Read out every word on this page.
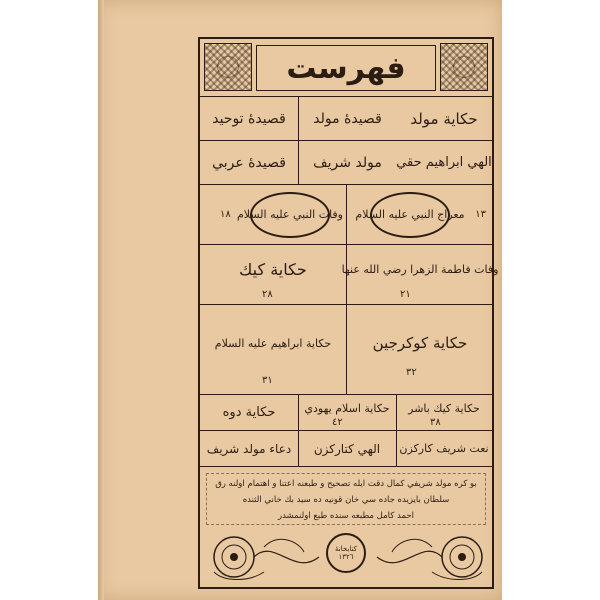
فهرست
حكاية مولد
قصيدهٔ مولد
قصيدهٔ توحيد
الهي ابراهيم حقي
مولد شريف
قصيدهٔ عربي
معراج النبي عليه السلام ١٣
وفات النبي عليه السلام
١٨
وفات فاطمة الزهرا رضي الله عنها
٢١
حكاية كيك
٢٨
حكاية كوكرجين
٣٢
حكاية ابراهيم عليه السلام
٣١
حكاية كيك باشر
٣٨
حكاية اسلام يهودي
٤٢
حكاية دوه
نعت شريف كاركزن
الهي كتاركزن
دعاء مولد شريف
بو كره مولد شريفي كمال دقت ايله تصحيح و طبعنه اعتنا و اهتمام اولنه رق
سلطان بايزيده جاده سي خان قونيه ده سيد بك خاني الثنده
احمد كامل مطبعه سنده طبع اولنمشدر
كتابخانهٔ ١٣٢٦
